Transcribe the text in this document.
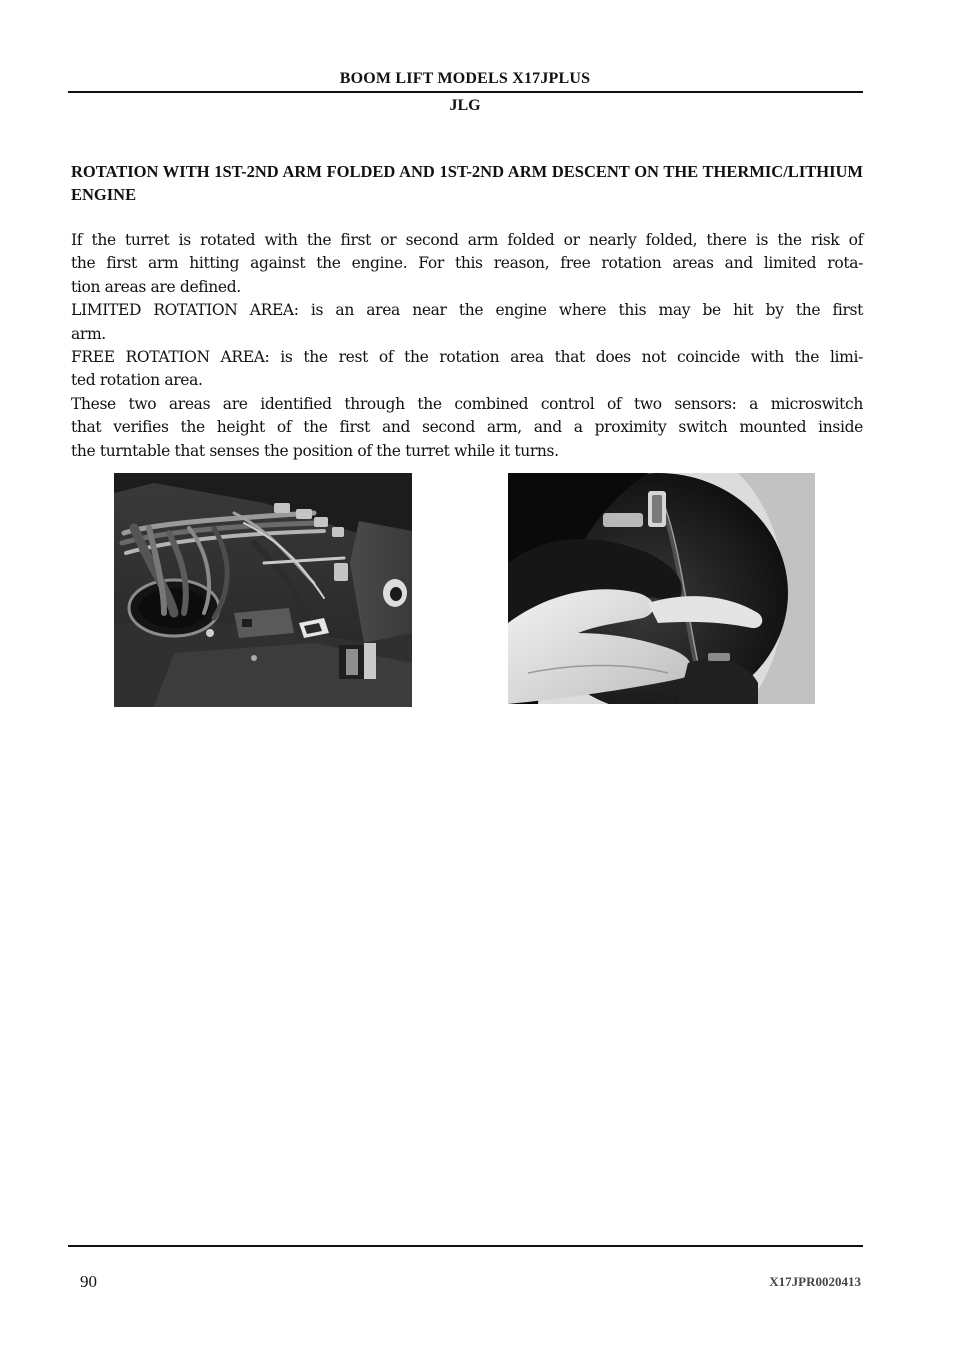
BOOM LIFT MODELS X17JPLUS
JLG
ROTATION WITH 1ST-2ND ARM FOLDED AND 1ST-2ND ARM DESCENT ON THE THERMIC/LITHIUM ENGINE
If the turret is rotated with the first or second arm folded or nearly folded, there is the risk of
the first arm hitting against the engine. For this reason, free rotation areas and limited rota-
tion areas are defined.
LIMITED ROTATION AREA: is an area near the engine where this may be hit by the first
arm.
FREE ROTATION AREA: is the rest of the rotation area that does not coincide with the limi-
ted rotation area.
These two areas are identified through the combined control of two sensors: a microswitch
that verifies the height of the first and second arm, and a proximity switch mounted inside
the turntable that senses the position of the turret while it turns.
90	X17JPR0020413
